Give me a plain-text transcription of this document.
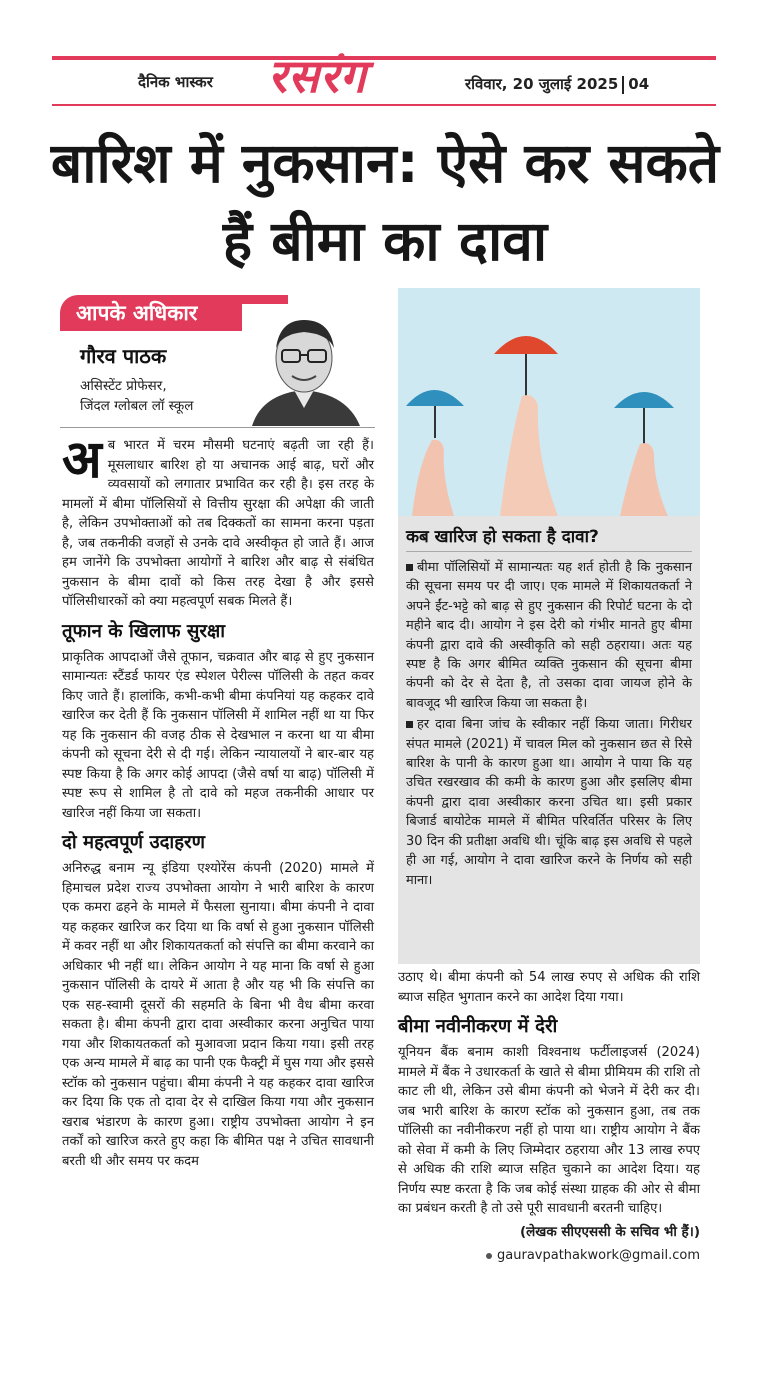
दैनिक भास्कर रसरंग	रविवार, 20 जुलाई 2025 04
बारिश में नुकसान: ऐसे कर सकते हैं बीमा का दावा
आपके अधिकार
गौरव पाठक
असिस्टेंट प्रोफेसर,
जिंदल ग्लोबल लॉ स्कूल

अब भारत में चरम मौसमी घटनाएं बढ़ती जा रही हैं। मूसलाधार बारिश हो या अचानक आई बाढ़, घरों और व्यवसायों को लगातार प्रभावित कर रही है। इस तरह के मामलों में बीमा पॉलिसियों से वित्तीय सुरक्षा की अपेक्षा की जाती है, लेकिन उपभोक्ताओं को तब दिक्कतों का सामना करना पड़ता है, जब तकनीकी वजहों से उनके दावे अस्वीकृत हो जाते हैं। आज हम जानेंगे कि उपभोक्ता आयोगों ने बारिश और बाढ़ से संबंधित नुकसान के बीमा दावों को किस तरह देखा है और इससे पॉलिसीधारकों को क्या महत्वपूर्ण सबक मिलते हैं।

तूफान के खिलाफ सुरक्षा

प्राकृतिक आपदाओं जैसे तूफान, चक्रवात और बाढ़ से हुए नुकसान सामान्यतः स्टैंडर्ड फायर एंड स्पेशल पेरील्स पॉलिसी के तहत कवर किए जाते हैं। हालांकि, कभी-कभी बीमा कंपनियां यह कहकर दावे खारिज कर देती हैं कि नुकसान पॉलिसी में शामिल नहीं था या फिर यह कि नुकसान की वजह ठीक से देखभाल न करना था या बीमा कंपनी को सूचना देरी से दी गई। लेकिन न्यायालयों ने बार-बार यह स्पष्ट किया है कि अगर कोई आपदा (जैसे वर्षा या बाढ़) पॉलिसी में स्पष्ट रूप से शामिल है तो दावे को महज तकनीकी आधार पर खारिज नहीं किया जा सकता।

दो महत्वपूर्ण उदाहरण

अनिरुद्ध बनाम न्यू इंडिया एश्योरेंस कंपनी (2020) मामले में हिमाचल प्रदेश राज्य उपभोक्ता आयोग ने भारी बारिश के कारण एक कमरा ढहने के मामले में फैसला सुनाया। बीमा कंपनी ने दावा यह कहकर खारिज कर दिया था कि वर्षा से हुआ नुकसान पॉलिसी में कवर नहीं था और शिकायतकर्ता को संपत्ति का बीमा करवाने का अधिकार भी नहीं था। लेकिन आयोग ने यह माना कि वर्षा से हुआ नुकसान पॉलिसी के दायरे में आता है और यह भी कि संपत्ति का एक सह-स्वामी दूसरों की सहमति के बिना भी वैध बीमा करवा सकता है। बीमा कंपनी द्वारा दावा अस्वीकार करना अनुचित पाया गया और शिकायतकर्ता को मुआवजा प्रदान किया गया। इसी तरह एक अन्य मामले में बाढ़ का पानी एक फैक्ट्री में घुस गया और इससे स्टॉक को नुकसान पहुंचा। बीमा कंपनी ने यह कहकर दावा खारिज कर दिया कि एक तो दावा देर से दाखिल किया गया और नुकसान खराब भंडारण के कारण हुआ। राष्ट्रीय उपभोक्ता आयोग ने इन तर्कों को खारिज करते हुए कहा कि बीमित पक्ष ने उचित सावधानी बरती थी और समय पर कदम

कब खारिज हो सकता है दावा?

बीमा पॉलिसियों में सामान्यतः यह शर्त होती है कि नुकसान की सूचना समय पर दी जाए। एक मामले में शिकायतकर्ता ने अपने ईंट-भट्टे को बाढ़ से हुए नुकसान की रिपोर्ट घटना के दो महीने बाद दी। आयोग ने इस देरी को गंभीर मानते हुए बीमा कंपनी द्वारा दावे की अस्वीकृति को सही ठहराया। अतः यह स्पष्ट है कि अगर बीमित व्यक्ति नुकसान की सूचना बीमा कंपनी को देर से देता है, तो उसका दावा जायज होने के बावजूद भी खारिज किया जा सकता है।

हर दावा बिना जांच के स्वीकार नहीं किया जाता। गिरीधर संपत मामले (2021) में चावल मिल को नुकसान छत से रिसे बारिश के पानी के कारण हुआ था। आयोग ने पाया कि यह उचित रखरखाव की कमी के कारण हुआ और इसलिए बीमा कंपनी द्वारा दावा अस्वीकार करना उचित था। इसी प्रकार बिजार्ड बायोटेक मामले में बीमित परिवर्तित परिसर के लिए 30 दिन की प्रतीक्षा अवधि थी। चूंकि बाढ़ इस अवधि से पहले ही आ गई, आयोग ने दावा खारिज करने के निर्णय को सही माना।

उठाए थे। बीमा कंपनी को 54 लाख रुपए से अधिक की राशि ब्याज सहित भुगतान करने का आदेश दिया गया।

बीमा नवीनीकरण में देरी

यूनियन बैंक बनाम काशी विश्वनाथ फर्टीलाइजर्स (2024) मामले में बैंक ने उधारकर्ता के खाते से बीमा प्रीमियम की राशि तो काट ली थी, लेकिन उसे बीमा कंपनी को भेजने में देरी कर दी। जब भारी बारिश के कारण स्टॉक को नुकसान हुआ, तब तक पॉलिसी का नवीनीकरण नहीं हो पाया था। राष्ट्रीय आयोग ने बैंक को सेवा में कमी के लिए जिम्मेदार ठहराया और 13 लाख रुपए से अधिक की राशि ब्याज सहित चुकाने का आदेश दिया। यह निर्णय स्पष्ट करता है कि जब कोई संस्था ग्राहक की ओर से बीमा का प्रबंधन करती है तो उसे पूरी सावधानी बरतनी चाहिए।

(लेखक सीएएससी के सचिव भी हैं।)
gauravpathakwork@gmail.com
